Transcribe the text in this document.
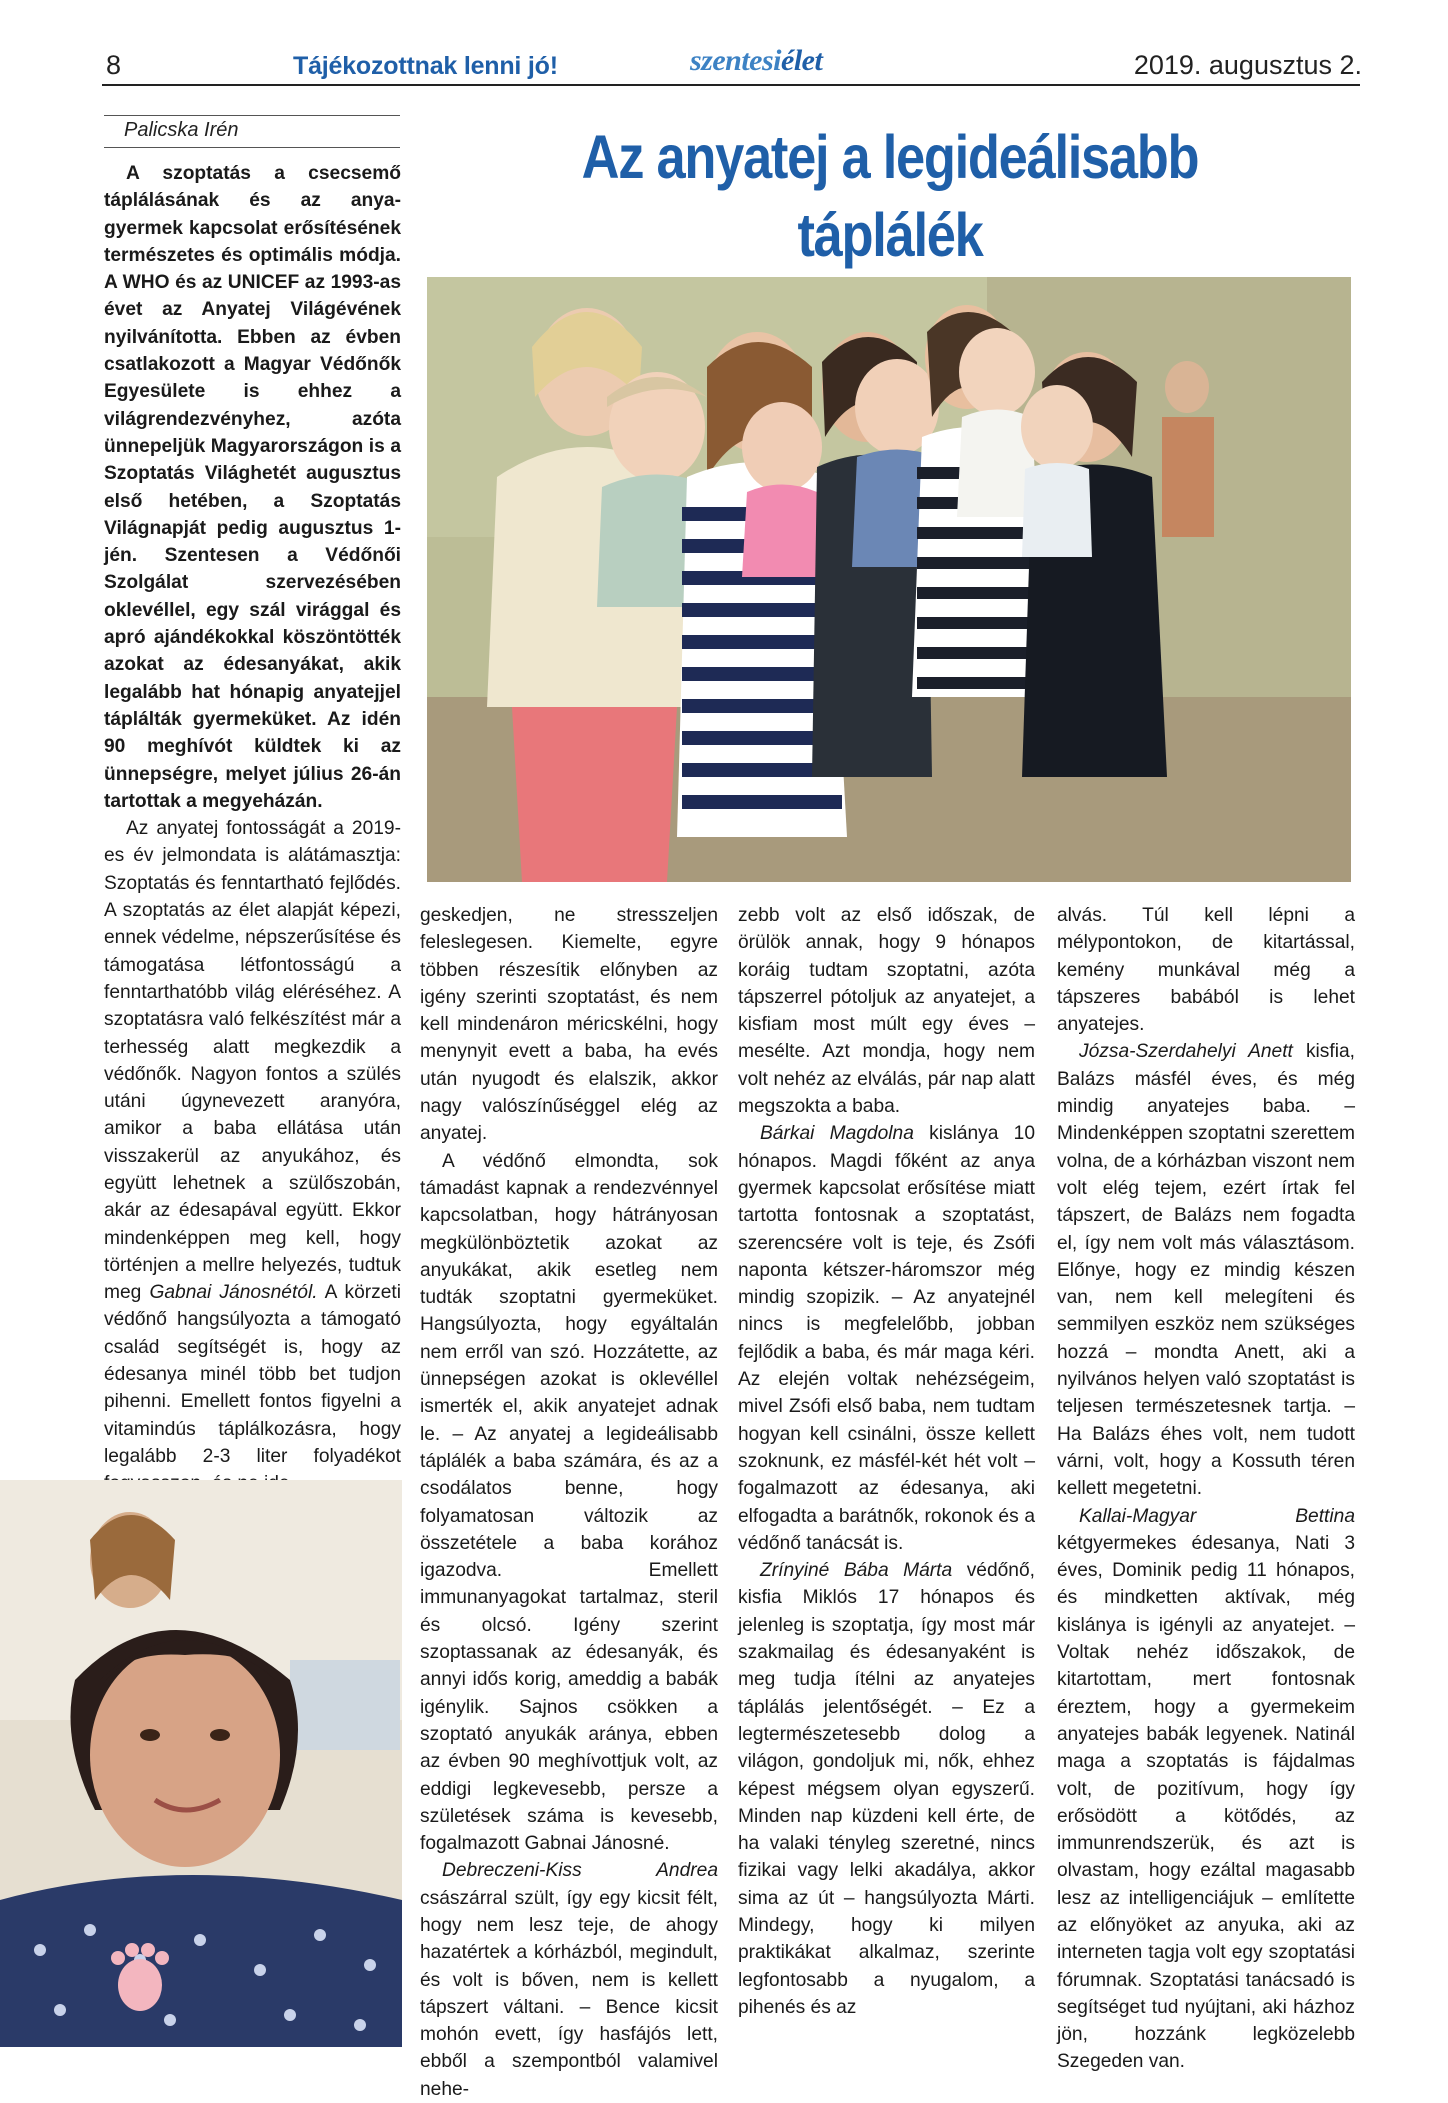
8	Tájékozottnak lenni jó!	szentesiélet	2019. augusztus 2.
Palicska Irén	Az anyatej a legideálisabb táplálék

A szoptatás a csecsemő táplálásának és az anya-gyermek kapcsolat erősítésének természetes és optimális módja. A WHO és az UNICEF az 1993-as évet az Anyatej Világévének nyilvánította. Ebben az évben csatlakozott a Magyar Védőnők Egyesülete is ehhez a világrendezvényhez, azóta ünnepeljük Magyarországon is a Szoptatás Világhetét augusztus első hetében, a Szoptatás Világnapját pedig augusztus 1-jén. Szentesen a Védőnői Szolgálat szervezésében oklevéllel, egy szál virággal és apró ajándékokkal köszöntötték azokat az édesanyákat, akik legalább hat hónapig anyatejjel táplálták gyermeküket. Az idén 90 meghívót küldtek ki az ünnepségre, melyet július 26-án tartottak a megyeházán.

Az anyatej fontosságát a 2019-es év jelmondata is alátámasztja: Szoptatás és fenntartható fejlődés. A szoptatás az élet alapját képezi, ennek védelme, népszerűsítése és támogatása létfontosságú a fenntarthatóbb világ eléréséhez. A szoptatásra való felkészítést már a terhesség alatt megkezdik a védőnők. Nagyon fontos a szülés utáni úgynevezett aranyóra, amikor a baba ellátása után visszakerül az anyukához, és együtt lehetnek a szülőszobán, akár az édesapával együtt. Ekkor mindenképpen meg kell, hogy történjen a mellre helyezés, tudtuk meg Gabnai Jánosnétól. A körzeti védőnő hangsúlyozta a támogató család segítségét is, hogy az édesanya minél több bet tudjon pihenni. Emellett fontos figyelni a vitamindús táplálkozásra, hogy legalább 2-3 liter folyadékot

geskedjen, ne stresszeljen feleslegesen. Kiemelte, egyre többen részesítik előnyben az igény szerinti szoptatást, és nem kell mindenáron méricskélni, hogy menynyit evett a baba, ha evés után nyugodt és elalszik, akkor nagy valószínűséggel elég az anyatej.

A védőnő elmondta, sok támadást kapnak a rendezvénnyel kapcsolatban, hogy hátrányosan megkülönböztetik azokat az anyukákat, akik esetleg nem tudták szoptatni gyermeküket. Hangsúlyozta, hogy egyáltalán nem erről van szó. Hozzátette, az ünnepségen azokat is oklevéllel ismerték el, akik anyatejet adnak le. – Az anyatej a legideálisabb táplálék a baba számára, és az a csodálatos benne, hogy folyamatosan változik az összetétele a baba korához igazodva. Emellett immunanyagokat tartalmaz, steril és olcsó. Igény szerint szoptassanak az édesanyák, és annyi idős korig, ameddig a babák igénylik. Sajnos csökken a szoptató anyukák aránya, ebben az évben 90 meghívottjuk volt, az eddigi legkevesebb, persze a születések száma is kevesebb, fogalmazott Gabnai Jánosné.

Debreczeni-Kiss Andrea császárral szült, így egy kicsit félt, hogy nem lesz teje, de ahogy hazatértek a kórházból, megindult, és volt is bőven, nem is kellett tápszert váltani. – Bence kicsit mohón evett, így hasfájós lett, ebből a szempontból valamivel nehe-

zebb volt az első időszak, de örülök annak, hogy 9 hónapos koráig tudtam szoptatni, azóta tápszerrel pótoljuk az anyatejet, a kisfiam most múlt egy éves – mesélte. Azt mondja, hogy nem volt nehéz az elválás, pár nap alatt megszokta a baba.

Bárkai Magdolna kislánya 10 hónapos. Magdi főként az anya gyermek kapcsolat erősítése miatt tartotta fontosnak a szoptatást, szerencsére volt is teje, és Zsófi naponta kétszer-háromszor még mindig szopizik. – Az anyatejnél nincs is megfelelőbb, jobban fejlődik a baba, és már maga kéri. Az elején voltak nehézségeim, mivel Zsófi első baba, nem tudtam hogyan kell csinálni, össze kellett szoknunk, ez másfél-két hét volt – fogalmazott az édesanya, aki elfogadta a barátnők, rokonok és a védőnő tanácsát is.

Zrínyiné Bába Márta védőnő, kisfia Miklós 17 hónapos és jelenleg is szoptatja, így most már szakmailag és édesanyaként is meg tudja ítélni az anyatejes táplálás jelentőségét. – Ez a legtermészetesebb dolog a világon, gondoljuk mi, nők, ehhez képest mégsem olyan egyszerű. Minden nap küzdeni kell érte, de ha valaki tényleg szeretné, nincs fizikai vagy lelki akadálya, akkor sima az út – hangsúlyozta Márti. Mindegy, hogy ki milyen praktikákat alkalmaz, szerinte legfontosabb a nyugalom, a pihenés és az

alvás. Túl kell lépni a mélypontokon, de kitartással, kemény munkával még a tápszeres babából is lehet anyatejes.

Józsa-Szerdahelyi Anett kisfia, Balázs másfél éves, és még mindig anyatejes baba. – Mindenképpen szoptatni szerettem volna, de a kórházban viszont nem volt elég tejem, ezért írtak fel tápszert, de Balázs nem fogadta el, így nem volt más választásom. Előnye, hogy ez mindig készen van, nem kell melegíteni és semmilyen eszköz nem szükséges hozzá – mondta Anett, aki a nyilvános helyen való szoptatást is teljesen természetesnek tartja. – Ha Balázs éhes volt, nem tudott várni, volt, hogy a Kossuth téren kellett megetetni.

Kallai-Magyar Bettina kétgyermekes édesanya, Nati 3 éves, Dominik pedig 11 hónapos, és mindketten aktívak, még kislánya is igényli az anyatejet. – Voltak nehéz időszakok, de kitartottam, mert fontosnak éreztem, hogy a gyermekeim anyatejes babák legyenek. Natinál maga a szoptatás is fájdalmas volt, de pozitívum, hogy így erősödött a kötődés, az immunrendszerük, és azt is olvastam, hogy ezáltal magasabb lesz az intelligenciájuk – említette az előnyöket az anyuka, aki az interneten tagja volt egy szoptatási fórumnak. Szoptatási tanácsadó is segítséget tud nyújtani, aki házhoz jön, hozzánk legközelebb Szegeden van.
